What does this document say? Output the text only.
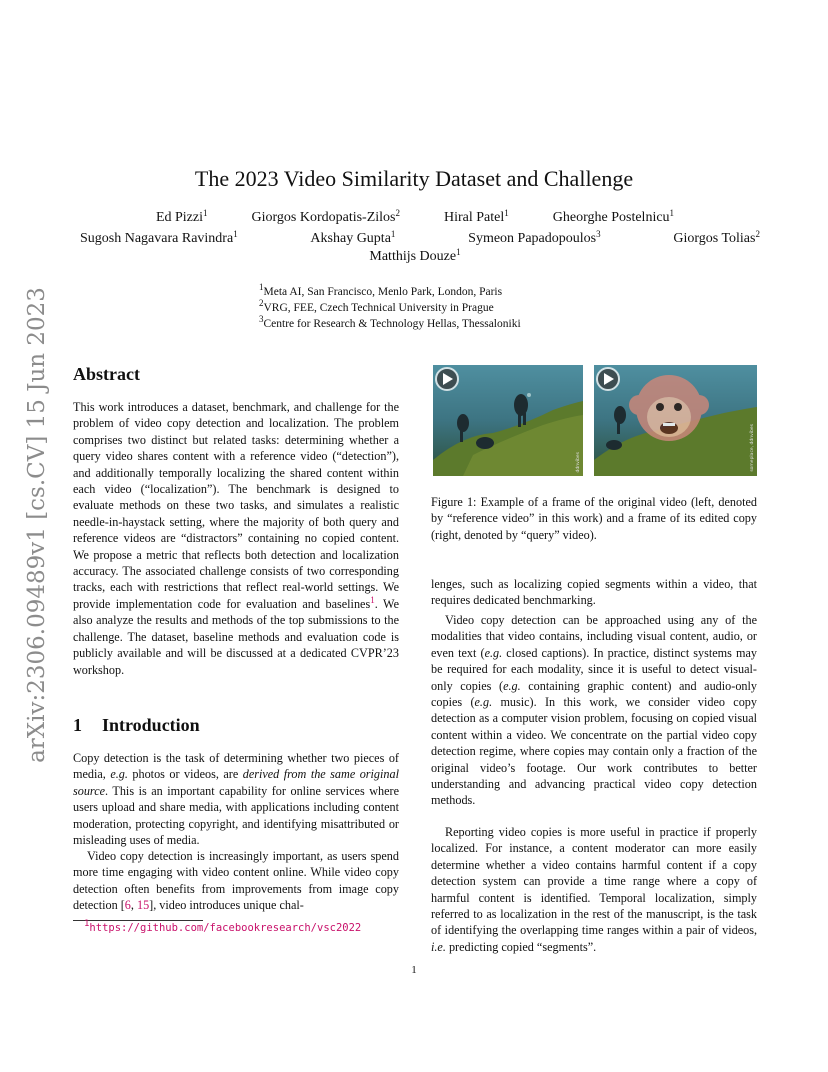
arXiv:2306.09489v1 [cs.CV] 15 Jun 2023
The 2023 Video Similarity Dataset and Challenge
Ed Pizzi$^1$	Giorgos Kordopatis-Zilos$^2$	Hiral Patel$^1$	Gheorghe Postelnicu$^1$
Sugosh Nagavara Ravindra$^1$	Akshay Gupta$^1$	Symeon Papadopoulos$^3$	Giorgos Tolias$^2$
Matthijs Douze$^1$
$^1$Meta AI, San Francisco, Menlo Park, London, Paris
$^2$VRG, FEE, Czech Technical University in Prague
$^3$Centre for Research & Technology Hellas, Thessaloniki
Abstract
This work introduces a dataset, benchmark, and challenge for the problem of video copy detection and localization. The problem comprises two distinct but related tasks: determining whether a query video shares content with a reference video (“detection”), and additionally temporally localizing the shared content within each video (“localization”). The benchmark is designed to evaluate methods on these two tasks, and simulates a realistic needle-in-haystack setting, where the majority of both query and reference videos are “distractors” containing no copied content. We propose a metric that reflects both detection and localization accuracy. The associated challenge consists of two corresponding tracks, each with restrictions that reflect real-world settings. We provide implementation code for evaluation and baselines$^1$. We also analyze the results and methods of the top submissions to the challenge. The dataset, baseline methods and evaluation code is publicly available and will be discussed at a dedicated CVPR’23 workshop.
1 Introduction
Copy detection is the task of determining whether two pieces of media, e.g. photos or videos, are derived from the same original source. This is an important capability for online services where users upload and share media, with applications including content moderation, protecting copyright, and identifying misattributed or misleading uses of media.
Video copy detection is increasingly important, as users spend more time engaging with video content online. While video copy detection often benefits from improvements from image copy detection [6, 15], video introduces unique chal-
$^1$https://github.com/facebookresearch/vsc2022
ddnvibes	someplace, ddnvibes
Figure 1: Example of a frame of the original video (left, denoted by “reference video” in this work) and a frame of its edited copy (right, denoted by “query” video).
lenges, such as localizing copied segments within a video, that requires dedicated benchmarking.
Video copy detection can be approached using any of the modalities that video contains, including visual content, audio, or even text (e.g. closed captions). In practice, distinct systems may be required for each modality, since it is useful to detect visual-only copies (e.g. containing graphic content) and audio-only copies (e.g. music). In this work, we consider video copy detection as a computer vision problem, focusing on copied visual content within a video. We concentrate on the partial video copy detection regime, where copies may contain only a fraction of the original video’s footage. Our work contributes to better understanding and advancing practical video copy detection methods.
Reporting video copies is more useful in practice if properly localized. For instance, a content moderator can more easily determine whether a video contains harmful content if a copy detection system can provide a time range where a copy of harmful content is identified. Temporal localization, simply referred to as localization in the rest of the manuscript, is the task of identifying the overlapping time ranges within a pair of videos, i.e. predicting copied “segments”.
1
